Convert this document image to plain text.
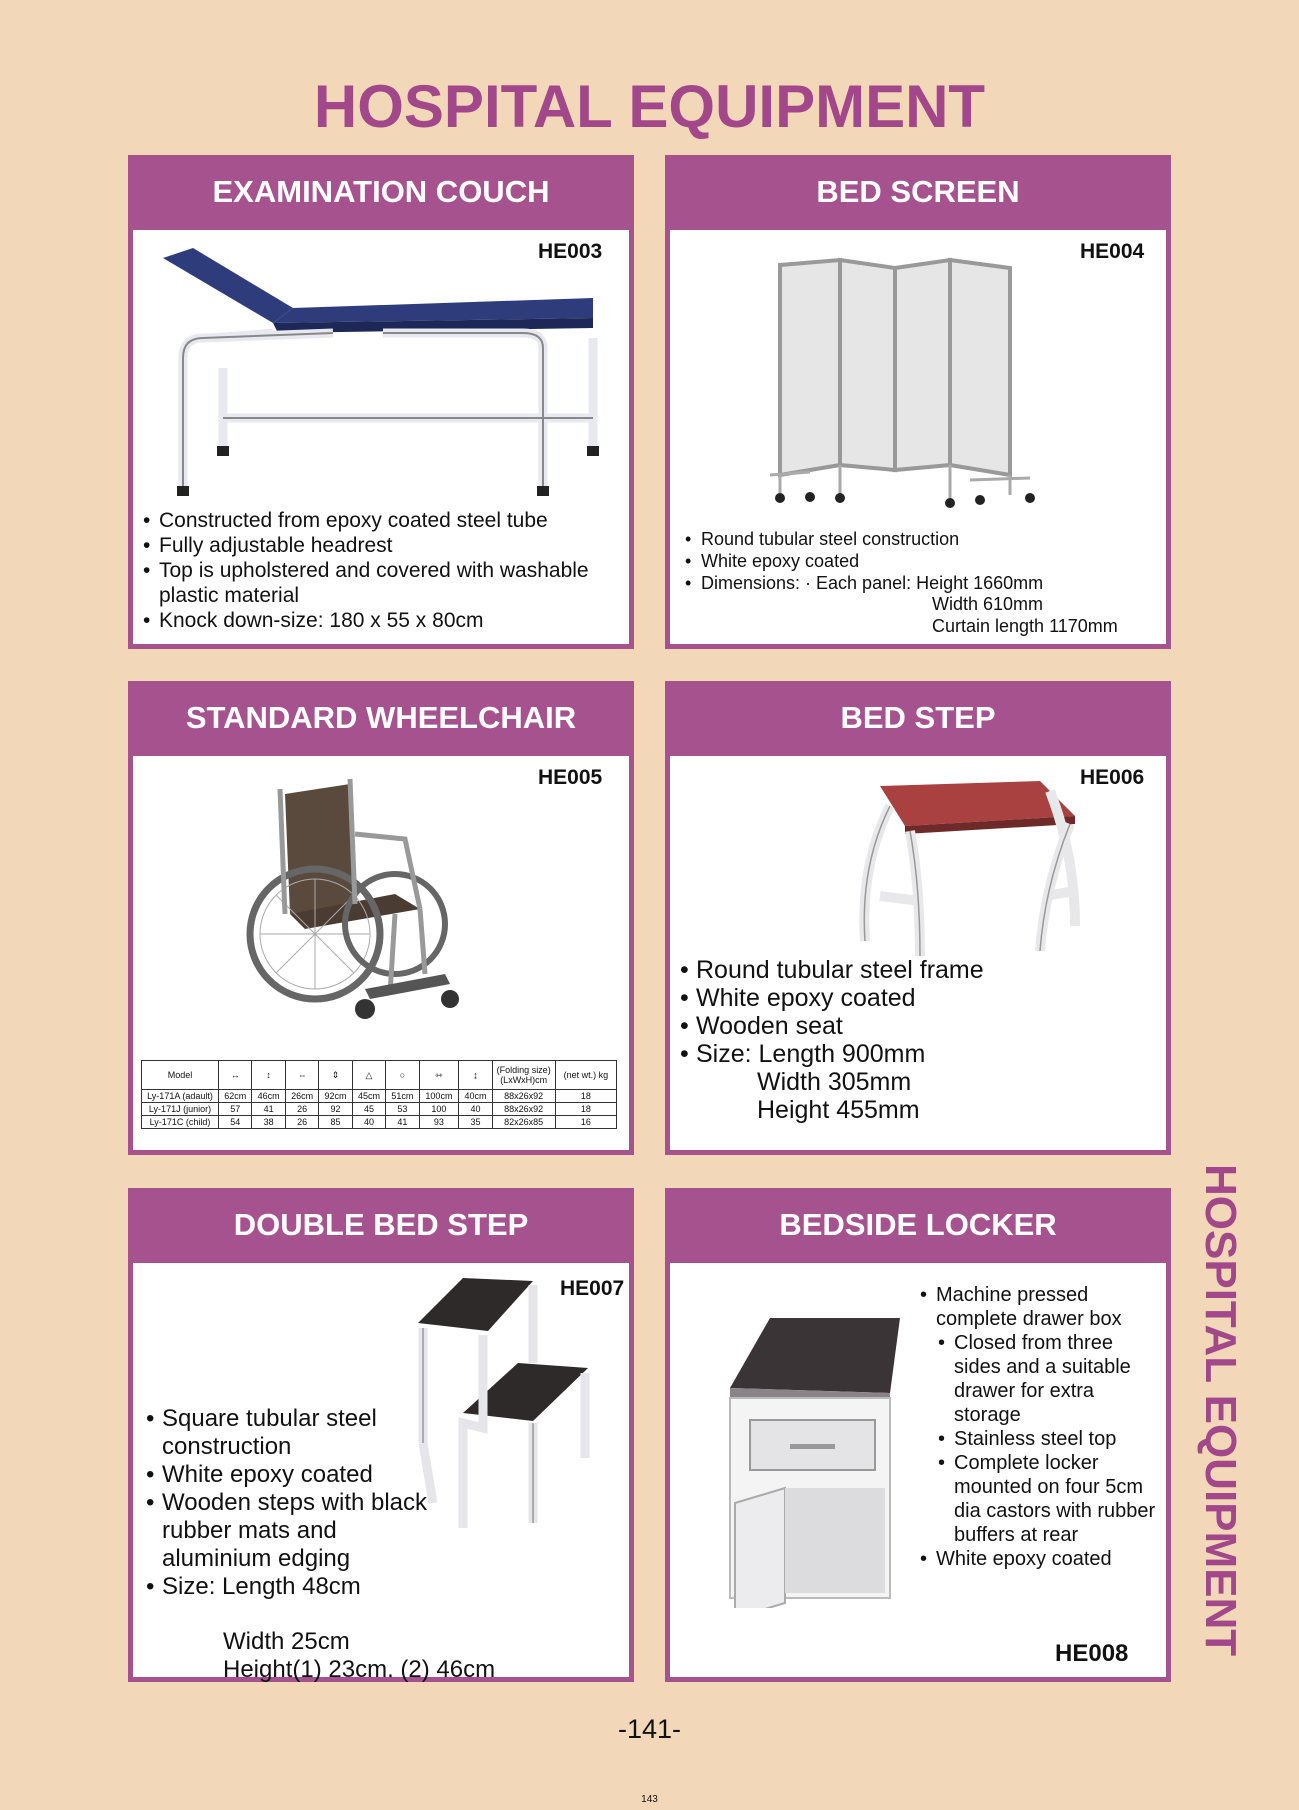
HOSPITAL EQUIPMENT
HOSPITAL EQUIPMENT
EXAMINATION COUCH
HE003
• Constructed from epoxy coated steel tube
• Fully adjustable headrest
• Top is upholstered and covered with washable plastic material
• Knock down-size: 180 x 55 x 80cm
BED SCREEN
HE004
• Round tubular steel construction
• White epoxy coated
• Dimensions: · Each panel: Height 1660mm
Width 610mm
Curtain length 1170mm
STANDARD WHEELCHAIR
HE005
Model	↔	↕	⇔	⇕	△	○	⇿	↨	(Folding size) (LxWxH)cm	(net wt.) kg
Ly-171A (adault)	62cm	46cm	26cm	92cm	45cm	51cm	100cm	40cm	88x26x92	18
Ly-171J (junior)	57	41	26	92	45	53	100	40	88x26x92	18
Ly-171C (child)	54	38	26	85	40	41	93	35	82x26x85	16
BED STEP
HE006
• Round tubular steel frame
• White epoxy coated
• Wooden seat
• Size: Length 900mm
Width 305mm
Height 455mm
DOUBLE BED STEP
HE007
• Square tubular steel construction
• White epoxy coated
• Wooden steps with black rubber mats and aluminium edging
• Size: Length 48cm
Width 25cm
Height(1) 23cm. (2) 46cm
BEDSIDE LOCKER
• Machine pressed complete drawer box
• Closed from three sides and a suitable drawer for extra storage
• Stainless steel top
• Complete locker mounted on four 5cm dia castors with rubber buffers at rear
• White epoxy coated
HE008
-141-
143
